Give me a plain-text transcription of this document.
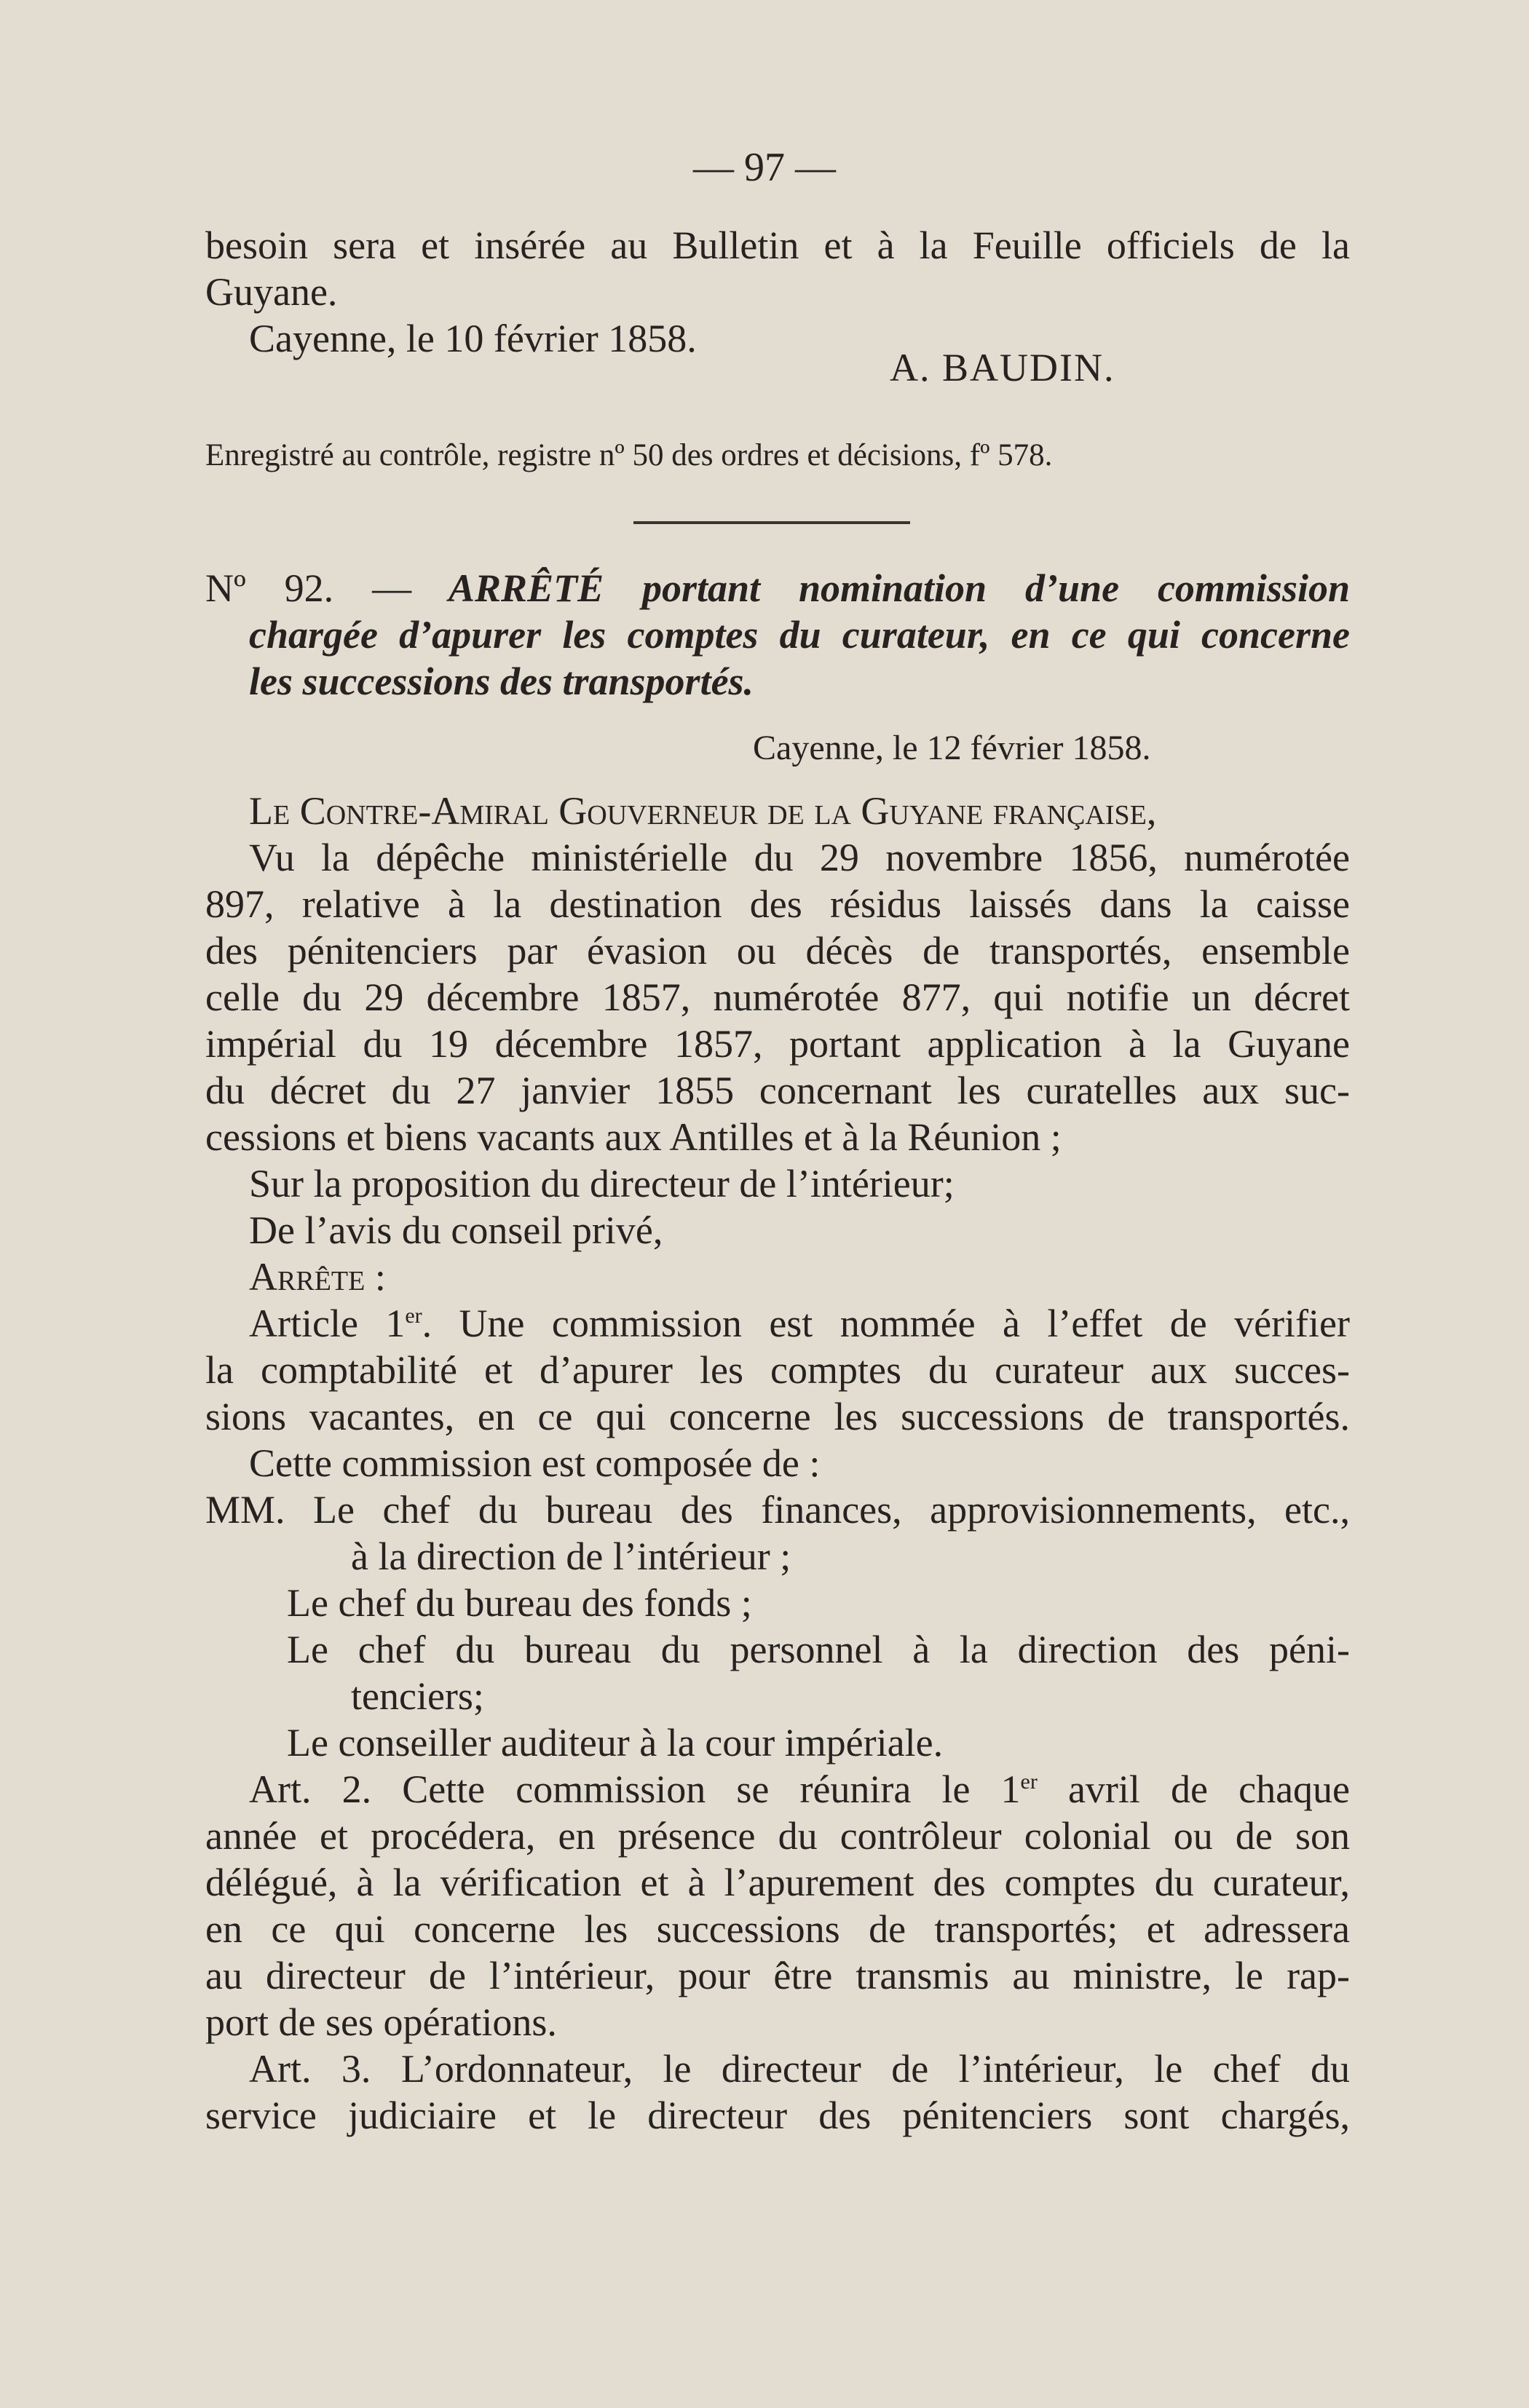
— 97 —
besoin sera et insérée au Bulletin et à la Feuille officiels de la
Guyane.
Cayenne, le 10 février 1858.
A. BAUDIN.
Enregistré au contrôle, registre nº 50 des ordres et décisions, fº 578.
Nº 92. — ARRÊTÉ portant nomination d’une commission
chargée d’apurer les comptes du curateur, en ce qui concerne
les successions des transportés.
Cayenne, le 12 février 1858.
Le Contre-Amiral Gouverneur de la Guyane française,
Vu la dépêche ministérielle du 29 novembre 1856, numérotée
897, relative à la destination des résidus laissés dans la caisse
des pénitenciers par évasion ou décès de transportés, ensemble
celle du 29 décembre 1857, numérotée 877, qui notifie un décret
impérial du 19 décembre 1857, portant application à la Guyane
du décret du 27 janvier 1855 concernant les curatelles aux suc-
cessions et biens vacants aux Antilles et à la Réunion ;
Sur la proposition du directeur de l’intérieur;
De l’avis du conseil privé,
Arrête :
Article 1er. Une commission est nommée à l’effet de vérifier
la comptabilité et d’apurer les comptes du curateur aux succes-
sions vacantes, en ce qui concerne les successions de transportés.
Cette commission est composée de :
MM. Le chef du bureau des finances, approvisionnements, etc.,
à la direction de l’intérieur ;
Le chef du bureau des fonds ;
Le chef du bureau du personnel à la direction des péni-
tenciers;
Le conseiller auditeur à la cour impériale.
Art. 2. Cette commission se réunira le 1er avril de chaque
année et procédera, en présence du contrôleur colonial ou de son
délégué, à la vérification et à l’apurement des comptes du curateur,
en ce qui concerne les successions de transportés; et adressera
au directeur de l’intérieur, pour être transmis au ministre, le rap-
port de ses opérations.
Art. 3. L’ordonnateur, le directeur de l’intérieur, le chef du
service judiciaire et le directeur des pénitenciers sont chargés,
